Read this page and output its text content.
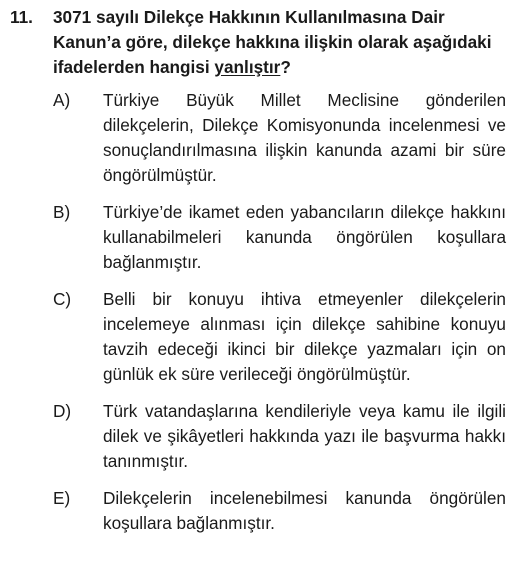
11.	3071 sayılı Dilekçe Hakkının Kullanılmasına Dair Kanun’a göre, dilekçe hakkına ilişkin olarak aşağıdaki ifadelerden hangisi yanlıştır?
A)	Türkiye Büyük Millet Meclisine gönderilen dilekçelerin, Dilekçe Komisyonunda incelenmesi ve sonuçlandırılmasına ilişkin kanunda azami bir süre öngörülmüştür.
B)	Türkiye’de ikamet eden yabancıların dilekçe hakkını kullanabilmeleri kanunda öngörülen koşullara bağlanmıştır.
C)	Belli bir konuyu ihtiva etmeyenler dilekçelerin incelemeye alınması için dilekçe sahibine konuyu tavzih edeceği ikinci bir dilekçe yazmaları için on günlük ek süre verileceği öngörülmüştür.
D)	Türk vatandaşlarına kendileriyle veya kamu ile ilgili dilek ve şikâyetleri hakkında yazı ile başvurma hakkı tanınmıştır.
E)	Dilekçelerin incelenebilmesi kanunda öngörülen koşullara bağlanmıştır.
